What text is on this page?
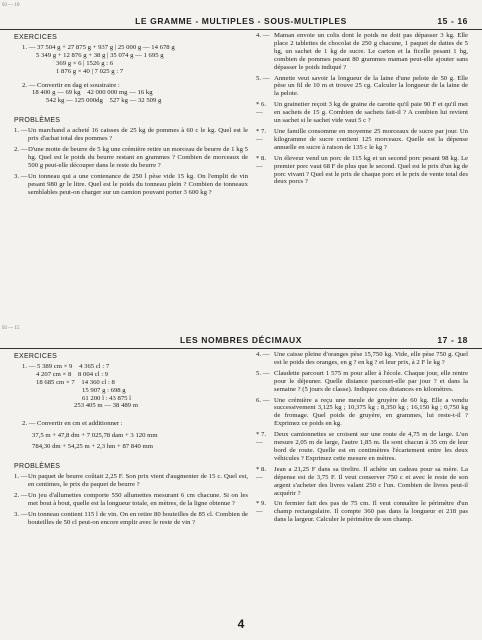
93 — 10
93 — 15
LE GRAMME - MULTIPLES - SOUS-MULTIPLES	15 - 16
EXERCICES
1. — 37 504 g + 27 875 g + 937 g | 25 000 g — 14 678 g
5 349 g + 12 876 g + 38 g | 35 074 g — 1 695 g
369 g × 6 | 1526 g : 6
1 876 g × 40 | 7 025 g : 7
2. — Convertir en dag et soustraire :
18 400 g — 69 kg    42 000 000 mg — 16 kg
542 kg — 125 000dg    527 kg — 32 509 g
PROBLÈMES
1. — Un marchand a acheté 16 caisses de 25 kg de pommes à 60 c le kg. Quel est le prix d'achat total des pommes ?
2. — D'une motte de beurre de 5 kg une crémière retire un morceau de beurre de 1 kg 5 hg. Quel est le poids du beurre restant en grammes ? Combien de morceaux de 500 g peut-elle découper dans le reste du beurre ?
3. — Un tonneau qui a une contenance de 250 l pèse vide 15 kg. On l'emplit de vin pesant 980 gr le litre. Quel est le poids du tonneau plein ? Combien de tonneaux semblables peut-on charger sur un camion pouvant porter 3 600 kg ?
4. — Maman envoie un colis dont le poids ne doit pas dépasser 3 kg. Elle place 2 tablettes de chocolat de 250 g chacune, 1 paquet de dattes de 5 hg, un sachet de 1 kg de sucre. Le carton et la ficelle pesant 1 hg, combien de pommes pesant 80 grammes maman peut-elle ajouter sans dépasser le poids indiqué ?
5. — Annette veut savoir la longueur de la laine d'une pelote de 50 g. Elle pèse un fil de 10 m et trouve 25 cg. Calculer la longueur de la laine de la pelote.
* 6. —
Un grainetier reçoit 3 kg de graine de carotte qu'il paie 90 F et qu'il met en sachets de 15 g. Combien de sachets fait-il ? A combien lui revient un sachet si le sachet vide vaut 5 c ?
* 7. —
Une famille consomme en moyenne 25 morceaux de sucre par jour. Un kilogramme de sucre contient 125 morceaux. Quelle est la dépense annuelle en sucre à raison de 135 c le kg ?
* 8. —
Un éleveur vend un porc de 115 kg et un second porc pesant 98 kg. Le premier porc vaut 68 F de plus que le second. Quel est le prix d'un kg de porc vivant ? Quel est le prix de chaque porc et le prix de vente total des deux porcs ?
LES NOMBRES DÉCIMAUX	17 - 18
EXERCICES
1. — 5 389 cm × 9    4 365 cl : 7
4 207 cm × 8    8 004 cl : 9
18 685 cm × 7    14 360 cl : 8
15 907 g : 698 g
61 200 l : 43 875 l
253 405 m — 38 489 m
2. — Convertir en cm et additionner :
37,5 m + 47,8 dm + 7 025,78 dam + 3 120 mm
784,30 dm + 54,25 m + 2,3 hm + 87 840 mm
PROBLÈMES
1. — Un paquet de beurre coûtait 2,25 F. Son prix vient d'augmenter de 15 c. Quel est, en centimes, le prix du paquet de beurre ?
2. — Un jeu d'allumettes comporte 550 allumettes mesurant 6 cm chacune. Si on les met bout à bout, quelle est la longueur totale, en mètres, de la ligne obtenue ?
3. — Un tonneau contient 115 l de vin. On en retire 80 bouteilles de 85 cl. Combien de bouteilles de 50 cl peut-on encore emplir avec le reste de vin ?
4. — Une caisse pleine d'oranges pèse 15,750 kg. Vide, elle pèse 750 g. Quel est le poids des oranges, en g ? en kg ? et leur prix, à 2 F le kg ?
5. — Claudette parcourt 1 575 m pour aller à l'école. Chaque jour, elle rentre pour le déjeuner. Quelle distance parcourt-elle par jour ? et dans la semaine ? (5 jours de classe). Indiquez ces distances en kilomètres.
6. — Une crémière a reçu une meule de gruyère de 60 kg. Elle a vendu successivement 3,125 kg ; 10,375 kg ; 8,350 kg ; 16,150 kg ; 0,750 kg de fromage. Quel poids de gruyère, en grammes, lui reste-t-il ? Exprimez ce poids en kg.
* 7. —
Deux camionnettes se croisent sur une route de 4,75 m de large. L'un mesure 2,05 m de large, l'autre 1,85 m. Ils sont chacun à 35 cm de leur bord de route. Quelle est en centimètres l'écartement entre les deux véhicules ? Exprimez cette mesure en mètres.
* 8. —
Jean a 21,25 F dans sa tirelire. Il achète un cadeau pour sa mère. La dépense est de 3,75 F. Il veut conserver 750 c et avec le reste de son argent s'acheter des livres valant 250 c l'un. Combien de livres peut-il acquérir ?
* 9. —
Un fermier fait des pas de 75 cm. Il veut connaître le périmètre d'un champ rectangulaire. Il compte 360 pas dans la longueur et 218 pas dans la largeur. Calculer le périmètre de son champ.
4
